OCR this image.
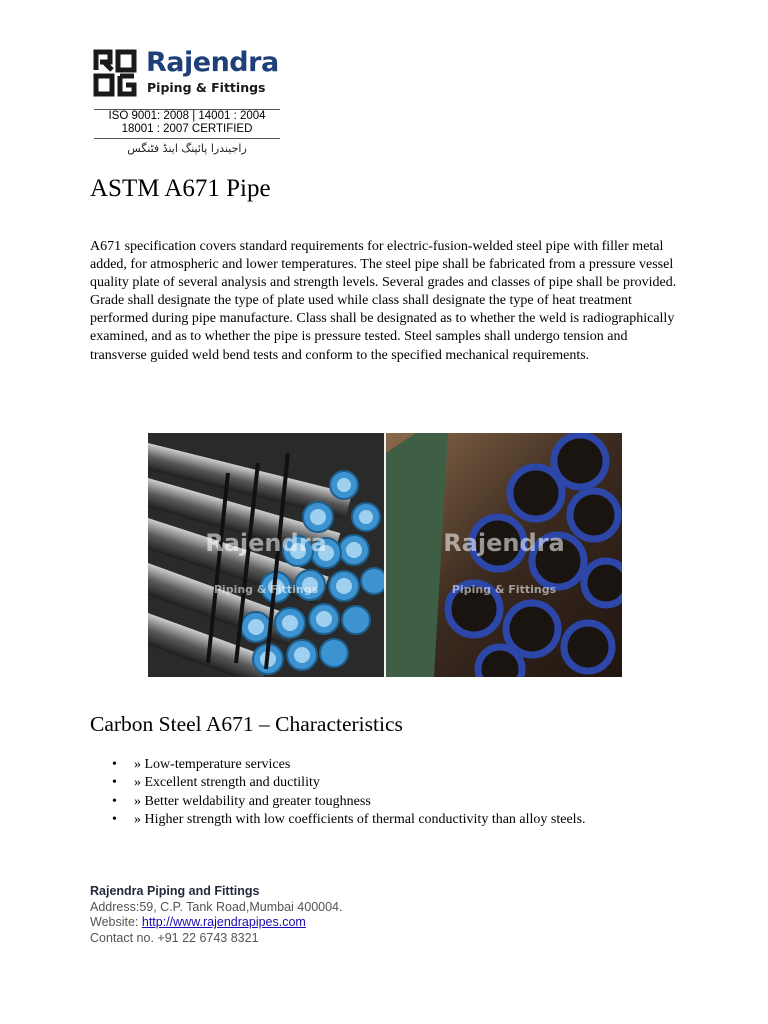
Rajendra
Piping & Fittings
ISO 9001: 2008 | 14001 : 2004
18001 : 2007 CERTIFIED
راجیندرا پائپنگ اینڈ فٹنگس
ASTM A671 Pipe

A671 specification covers standard requirements for electric-fusion-welded steel pipe with filler metal added, for atmospheric and lower temperatures. The steel pipe shall be fabricated from a pressure vessel quality plate of several analysis and strength levels. Several grades and classes of pipe shall be provided. Grade shall designate the type of plate used while class shall designate the type of heat treatment performed during pipe manufacture. Class shall be designated as to whether the weld is radiographically examined, and as to whether the pipe is pressure tested. Steel samples shall undergo tension and transverse guided weld bend tests and conform to the specified mechanical requirements.

Rajendra
Piping & Fittings
Rajendra
Piping & Fittings
Carbon Steel A671 – Characteristics
• » Low-temperature services
• » Excellent strength and ductility
• » Better weldability and greater toughness
• » Higher strength with low coefficients of thermal conductivity than alloy steels.
Rajendra Piping and Fittings
Address:59, C.P. Tank Road,Mumbai 400004.
Website: http://www.rajendrapipes.com
Contact no. +91 22 6743 8321
